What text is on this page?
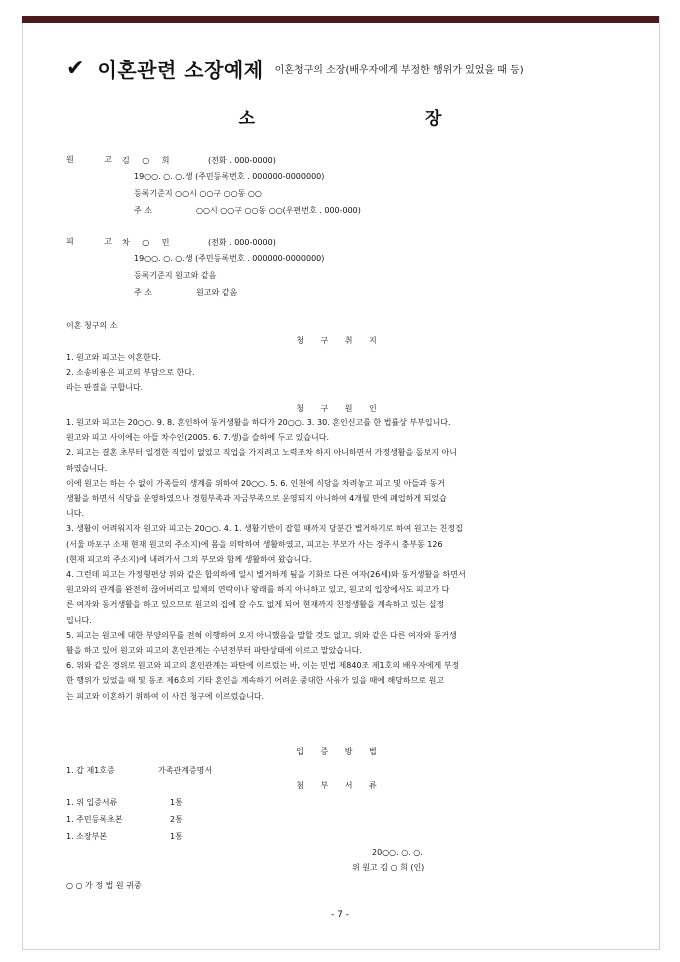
✔ 이혼관련 소장예제 이혼청구의 소장(배우자에게 부정한 행위가 있었을 때 등)
소 장
원 고
김 ○ 희	(전화 . 000-0000)
19○○. ○. ○.생 (주민등록번호 . 000000-0000000)
등록기준지 ○○시 ○○구 ○○동 ○○
주 소	○○시 ○○구 ○○동 ○○(우편번호 . 000-000)
피 고
차 ○ 민	(전화 . 000-0000)
19○○. ○. ○.생 (주민등록번호 . 000000-0000000)
등록기준지 원고와 같음
주 소	원고와 같음
이혼 청구의 소
청 구 취 지
1. 원고와 피고는 이혼한다.
2. 소송비용은 피고의 부담으로 한다.
라는 판결을 구합니다.
청 구 원 인
1. 원고와 피고는 20○○. 9. 8. 혼인하여 동거생활을 하다가 20○○. 3. 30. 혼인신고를 한 법률상 부부입니다.
원고와 피고 사이에는 아들 차수인(2005. 6. 7.생)을 슬하에 두고 있습니다.
2. 피고는 결혼 초부터 일정한 직업이 없었고 직업을 가지려고 노력조차 하지 아니하면서 가정생활을 돌보지 아니
하였습니다.
이에 원고는 하는 수 없이 가족들의 생계를 위하여 20○○. 5. 6. 인천에 식당을 차려놓고 피고 및 아들과 동거
생활을 하면서 식당을 운영하였으나 경험부족과 자금부족으로 운영되지 아니하여 4개월 만에 폐업하게 되었습
니다.
3. 생활이 어려워지자 원고와 피고는 20○○. 4. 1. 생활기반이 잡힐 때까지 당분간 별거하기로 하여 원고는 친정집
(서울 마포구 소재 현재 원고의 주소지)에 몸을 의탁하여 생활하였고, 피고는 부모가 사는 경주시 충부동 126
(현재 피고의 주소지)에 내려가서 그의 부모와 함께 생활하여 왔습니다.
4. 그런데 피고는 가정형편상 위와 같은 합의하에 일시 별거하게 됨을 기화로 다른 여자(26세)와 동거생활을 하면서
원고와의 관계를 완전히 끊어버리고 일체의 연락이나 왕래를 하지 아니하고 있고, 원고의 입장에서도 피고가 다
른 여자와 동거생활을 하고 있으므로 원고의 집에 갈 수도 없게 되어 현재까지 친정생활을 계속하고 있는 실정
입니다.
5. 피고는 원고에 대한 부양의무를 전혀 이행하여 오지 아니했음을 말할 것도 없고, 위와 같은 다른 여자와 동거생
활을 하고 있어 원고와 피고의 혼인관계는 수년전부터 파탄상태에 이르고 말았습니다.
6. 위와 같은 경위로 원고와 피고의 혼인관계는 파탄에 이르렀는 바, 이는 민법 제840조 제1호의 배우자에게 부정
한 행위가 있었을 때 및 동조 제6호의 기타 혼인을 계속하기 어려운 중대한 사유가 있을 때에 해당하므로 원고
는 피고와 이혼하기 위하여 이 사건 청구에 이르렀습니다.
입 증 방 법
1. 갑 제1호증	가족관계증명서
첨 부 서 류
1. 위 입증서류	1통
1. 주민등록초본	2통
1. 소장부본	1통
20○○. ○. ○.
위 원고 김 ○ 희 (인)
○ ○ 가 정 법 원 귀중
- 7 -
